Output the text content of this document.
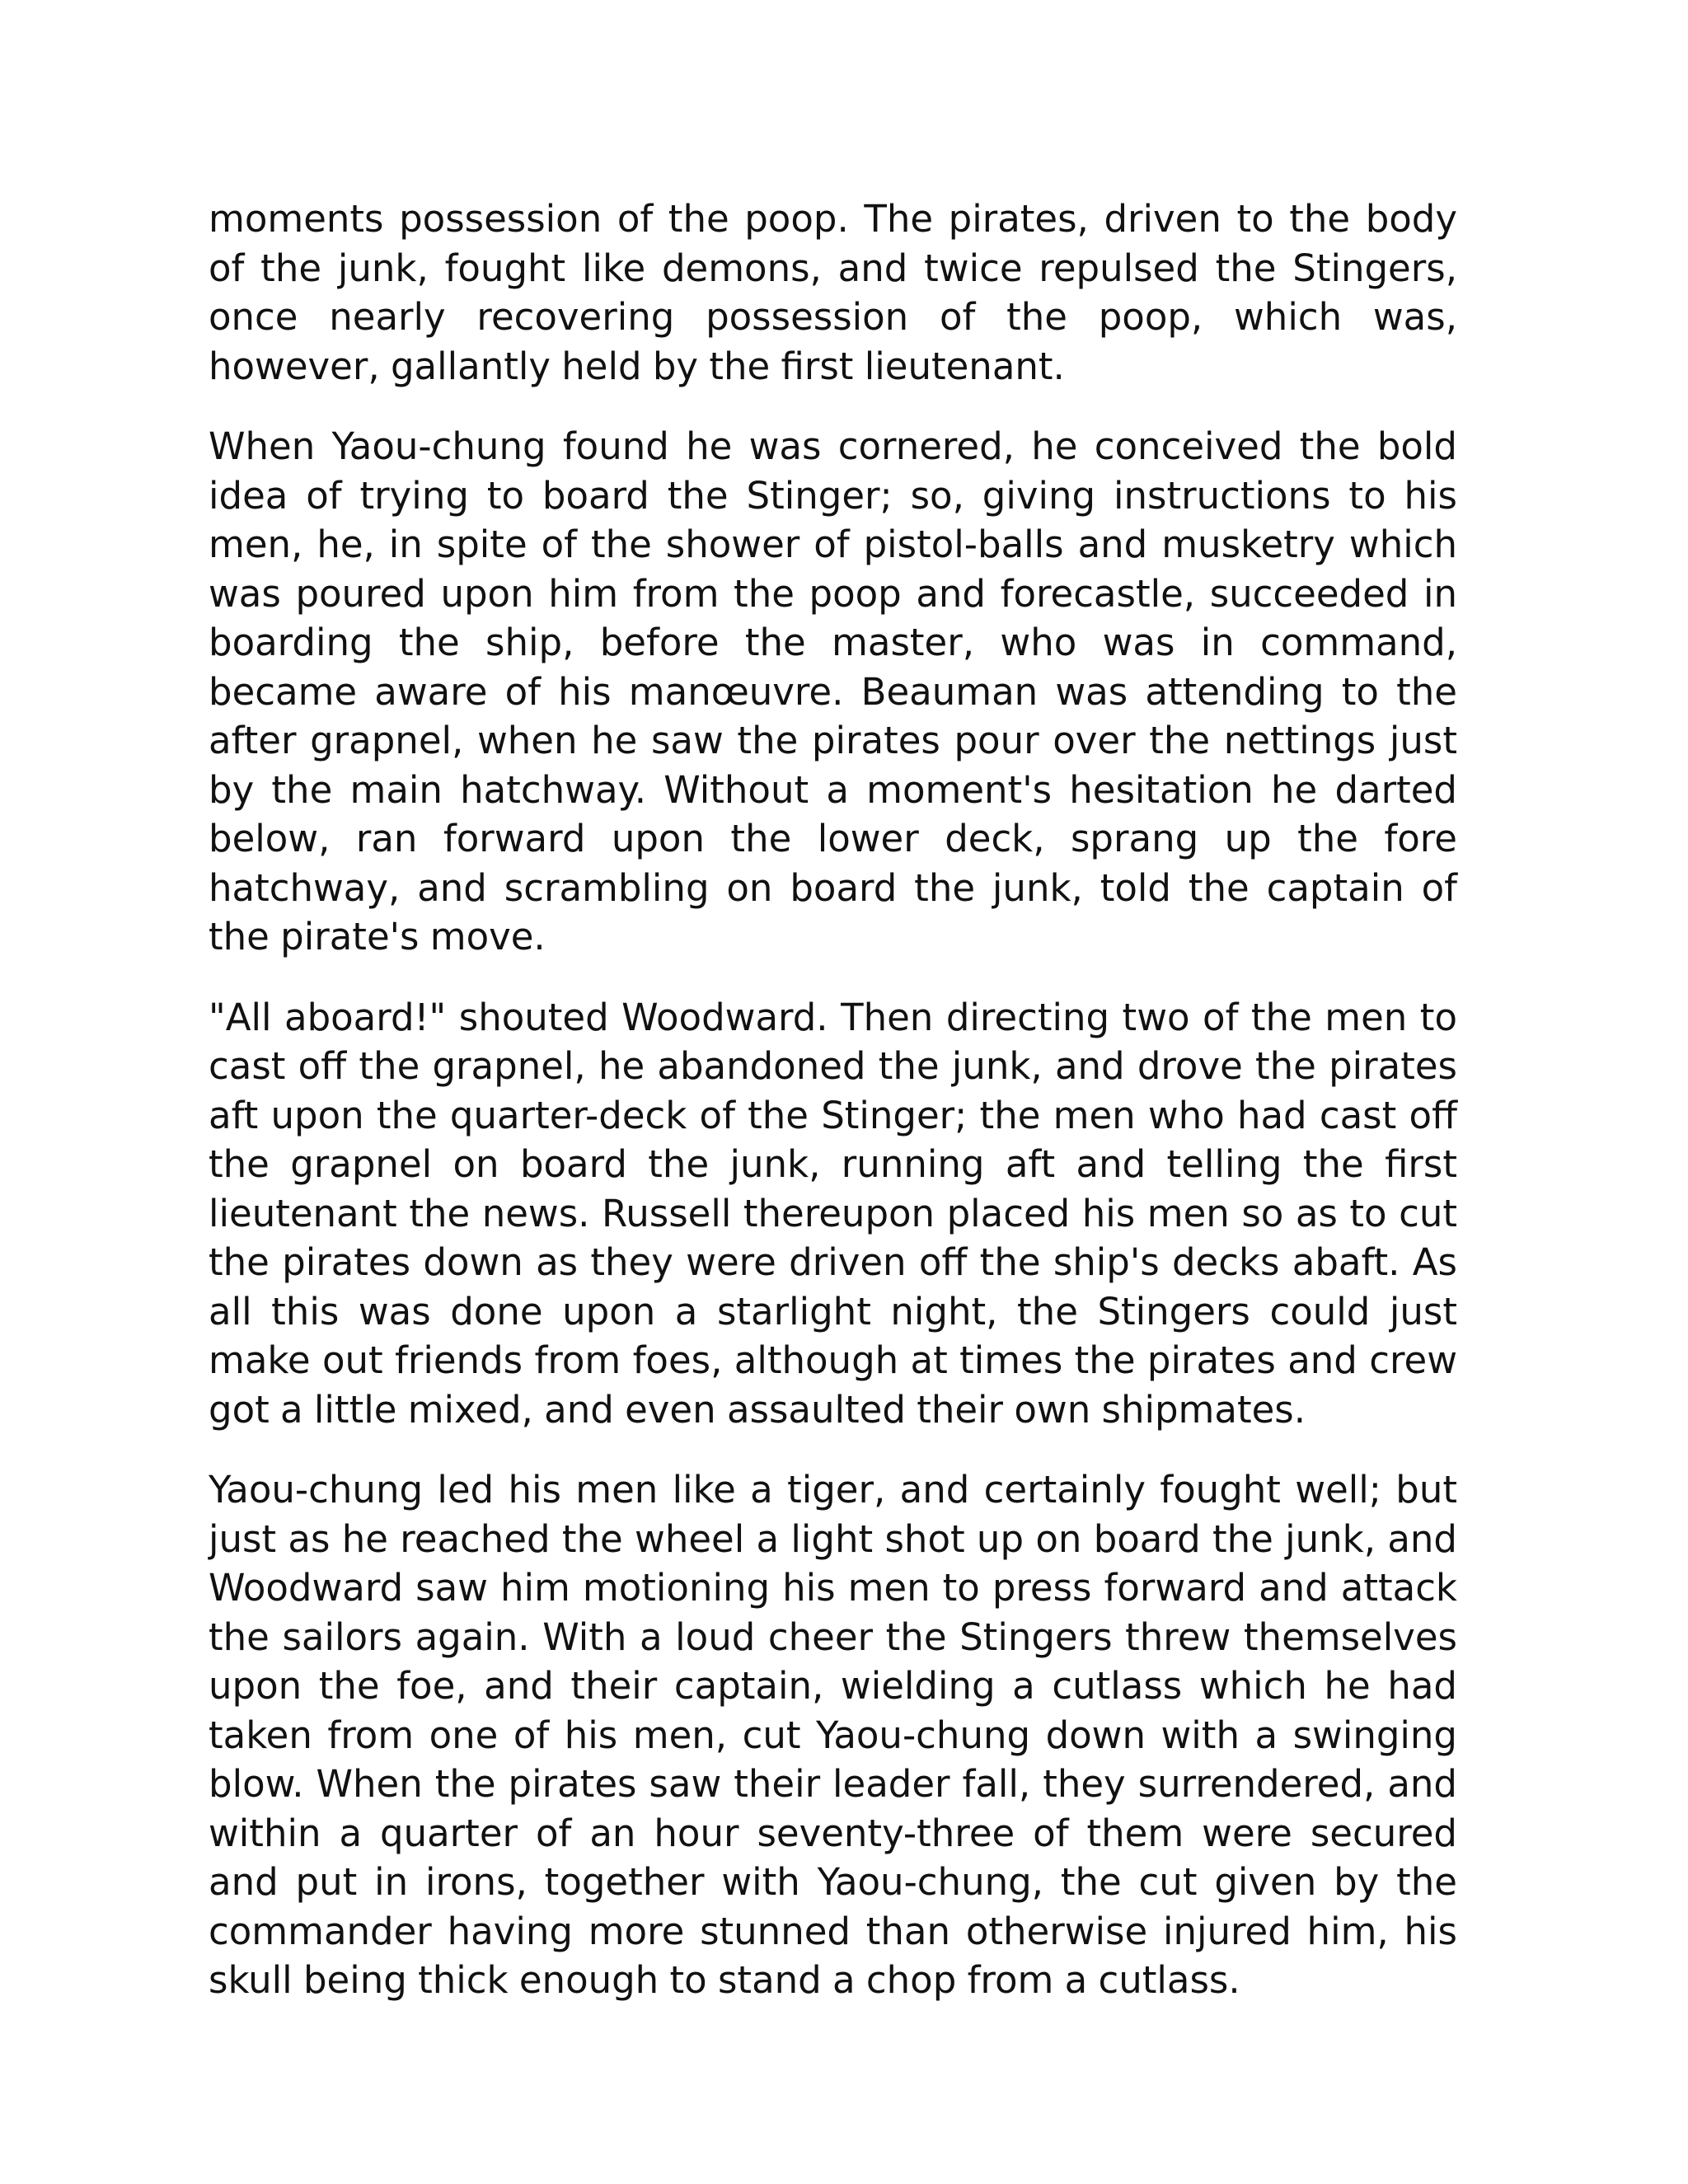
moments possession of the poop. The pirates, driven to the body of the junk, fought like demons, and twice repulsed the Stingers, once nearly recovering possession of the poop, which was, however, gallantly held by the first lieutenant.

When Yaou-chung found he was cornered, he conceived the bold idea of trying to board the Stinger; so, giving instructions to his men, he, in spite of the shower of pistol-balls and musketry which was poured upon him from the poop and forecastle, succeeded in boarding the ship, before the master, who was in command, became aware of his manœuvre. Beauman was attending to the after grapnel, when he saw the pirates pour over the nettings just by the main hatchway. Without a moment's hesitation he darted below, ran forward upon the lower deck, sprang up the fore hatchway, and scrambling on board the junk, told the captain of the pirate's move.

"All aboard!" shouted Woodward. Then directing two of the men to cast off the grapnel, he abandoned the junk, and drove the pirates aft upon the quarter-deck of the Stinger; the men who had cast off the grapnel on board the junk, running aft and telling the first lieutenant the news. Russell thereupon placed his men so as to cut the pirates down as they were driven off the ship's decks abaft. As all this was done upon a starlight night, the Stingers could just make out friends from foes, although at times the pirates and crew got a little mixed, and even assaulted their own shipmates.

Yaou-chung led his men like a tiger, and certainly fought well; but just as he reached the wheel a light shot up on board the junk, and Woodward saw him motioning his men to press forward and attack the sailors again. With a loud cheer the Stingers threw themselves upon the foe, and their captain, wielding a cutlass which he had taken from one of his men, cut Yaou-chung down with a swinging blow. When the pirates saw their leader fall, they surrendered, and within a quarter of an hour seventy-three of them were secured and put in irons, together with Yaou-chung, the cut given by the commander having more stunned than otherwise injured him, his skull being thick enough to stand a chop from a cutlass.
